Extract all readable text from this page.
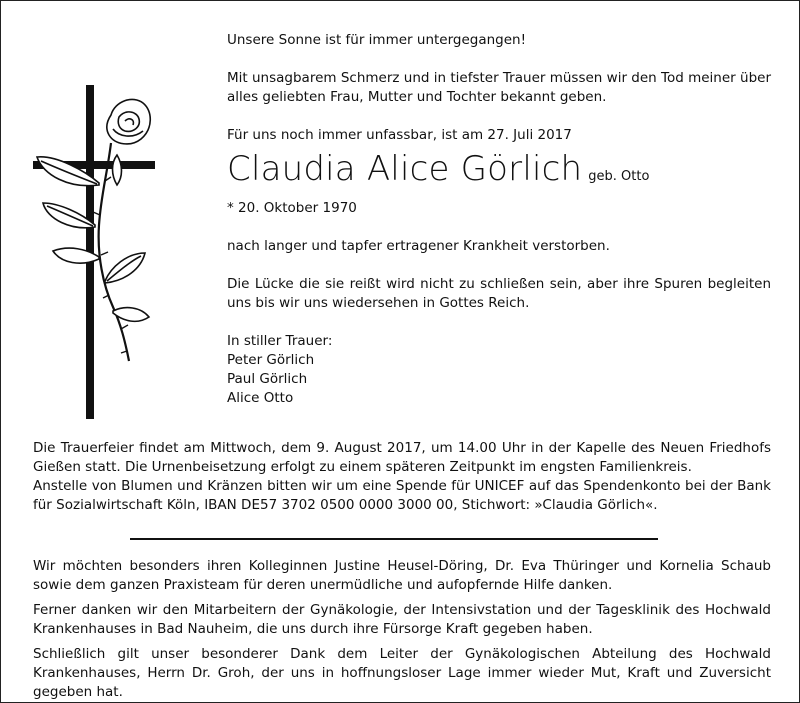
Unsere Sonne ist für immer untergegangen!

Mit unsagbarem Schmerz und in tiefster Trauer müssen wir den Tod meiner über alles geliebten Frau, Mutter und Tochter bekannt geben.

Für uns noch immer unfassbar, ist am 27. Juli 2017

Claudia Alice Görlich geb. Otto

* 20. Oktober 1970

nach langer und tapfer ertragener Krankheit verstorben.

Die Lücke die sie reißt wird nicht zu schließen sein, aber ihre Spuren begleiten uns bis wir uns wiedersehen in Gottes Reich.

In stiller Trauer:

Peter Görlich

Paul Görlich

Alice Otto

Die Trauerfeier findet am Mittwoch, dem 9. August 2017, um 14.00 Uhr in der Kapelle des Neuen Friedhofs Gießen statt. Die Urnenbeisetzung erfolgt zu einem späteren Zeitpunkt im engsten Familienkreis.

Anstelle von Blumen und Kränzen bitten wir um eine Spende für UNICEF auf das Spendenkonto bei der Bank für Sozialwirtschaft Köln, IBAN DE57 3702 0500 0000 3000 00, Stichwort: »Claudia Görlich«.

Wir möchten besonders ihren Kolleginnen Justine Heusel-Döring, Dr. Eva Thüringer und Kornelia Schaub sowie dem ganzen Praxisteam für deren unermüdliche und aufopfernde Hilfe danken.

Ferner danken wir den Mitarbeitern der Gynäkologie, der Intensivstation und der Tagesklinik des Hochwald Krankenhauses in Bad Nauheim, die uns durch ihre Fürsorge Kraft gegeben haben.

Schließlich gilt unser besonderer Dank dem Leiter der Gynäkologischen Abteilung des Hochwald Krankenhauses, Herrn Dr. Groh, der uns in hoffnungsloser Lage immer wieder Mut, Kraft und Zuversicht gegeben hat.
